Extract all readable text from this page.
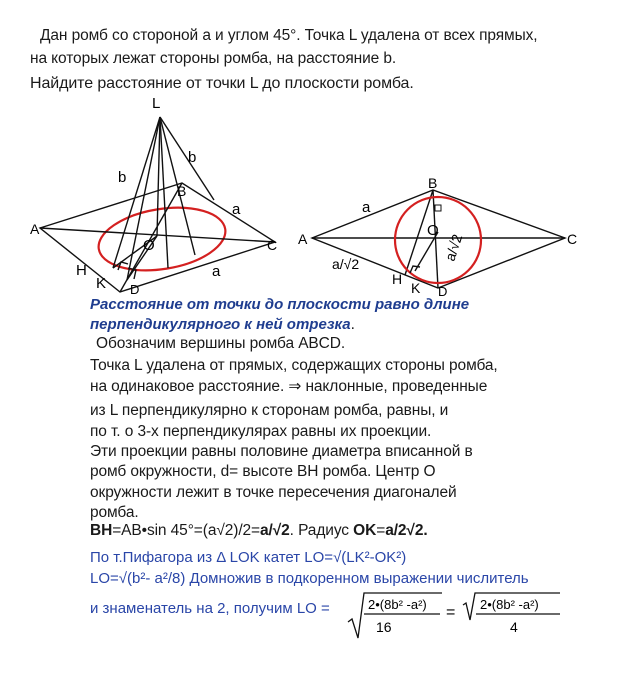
Дан ромб со стороной a и углом 45°. Точка L удалена от всех прямых,
на которых лежат стороны ромба, на расстояние b.
Найдите расстояние от точки L до плоскости ромба.
L
b
b
B
a
A
O	C
H
K D
a
B
a
A	O
a/√2	C
a/√2
H
K D
Расстояние от точки до плоскости равно длине
перпендикулярного к ней отрезка.
Обозначим вершины ромба ABCD.
Точка L удалена от прямых, содержащих стороны ромба,
на одинаковое расстояние. ⇒ наклонные, проведенные
из L перпендикулярно к сторонам ромба, равны, и
по т. о 3-х перпендикулярах равны их проекции.
Эти проекции равны половине диаметра вписанной в
ромб окружности, d= высоте BH ромба. Центр O
окружности лежит в точке пересечения диагоналей
ромба.
BH=AB•sin 45°=(a√2)/2=a/√2. Радиус OK=a/2√2.
По т.Пифагора из Δ LOK катет LO=√(LK²-OK²)
LO=√(b²- a²/8) Домножив в подкоренном выражении числитель
и знаменатель на 2, получим LO =	2•(8b² -a²)
16
= 2•(8b² -a²)
4
